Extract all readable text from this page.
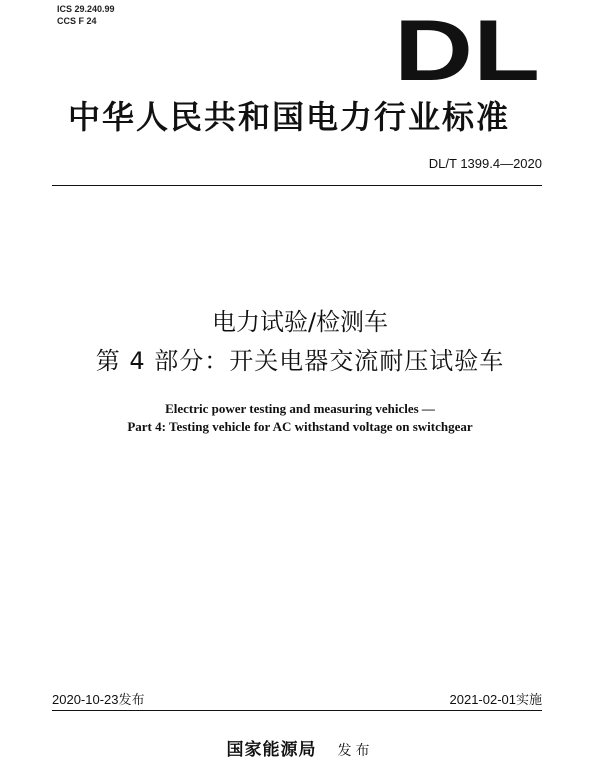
ICS 29.240.99
CCS F 24	DL
中华人民共和国电力行业标准
DL/T 1399.4—2020
电力试验/检测车
第 4 部分：开关电器交流耐压试验车
Electric power testing and measuring vehicles —
Part 4: Testing vehicle for AC withstand voltage on switchgear
2020-10-23发布	2021-02-01实施
国家能源局 发布
